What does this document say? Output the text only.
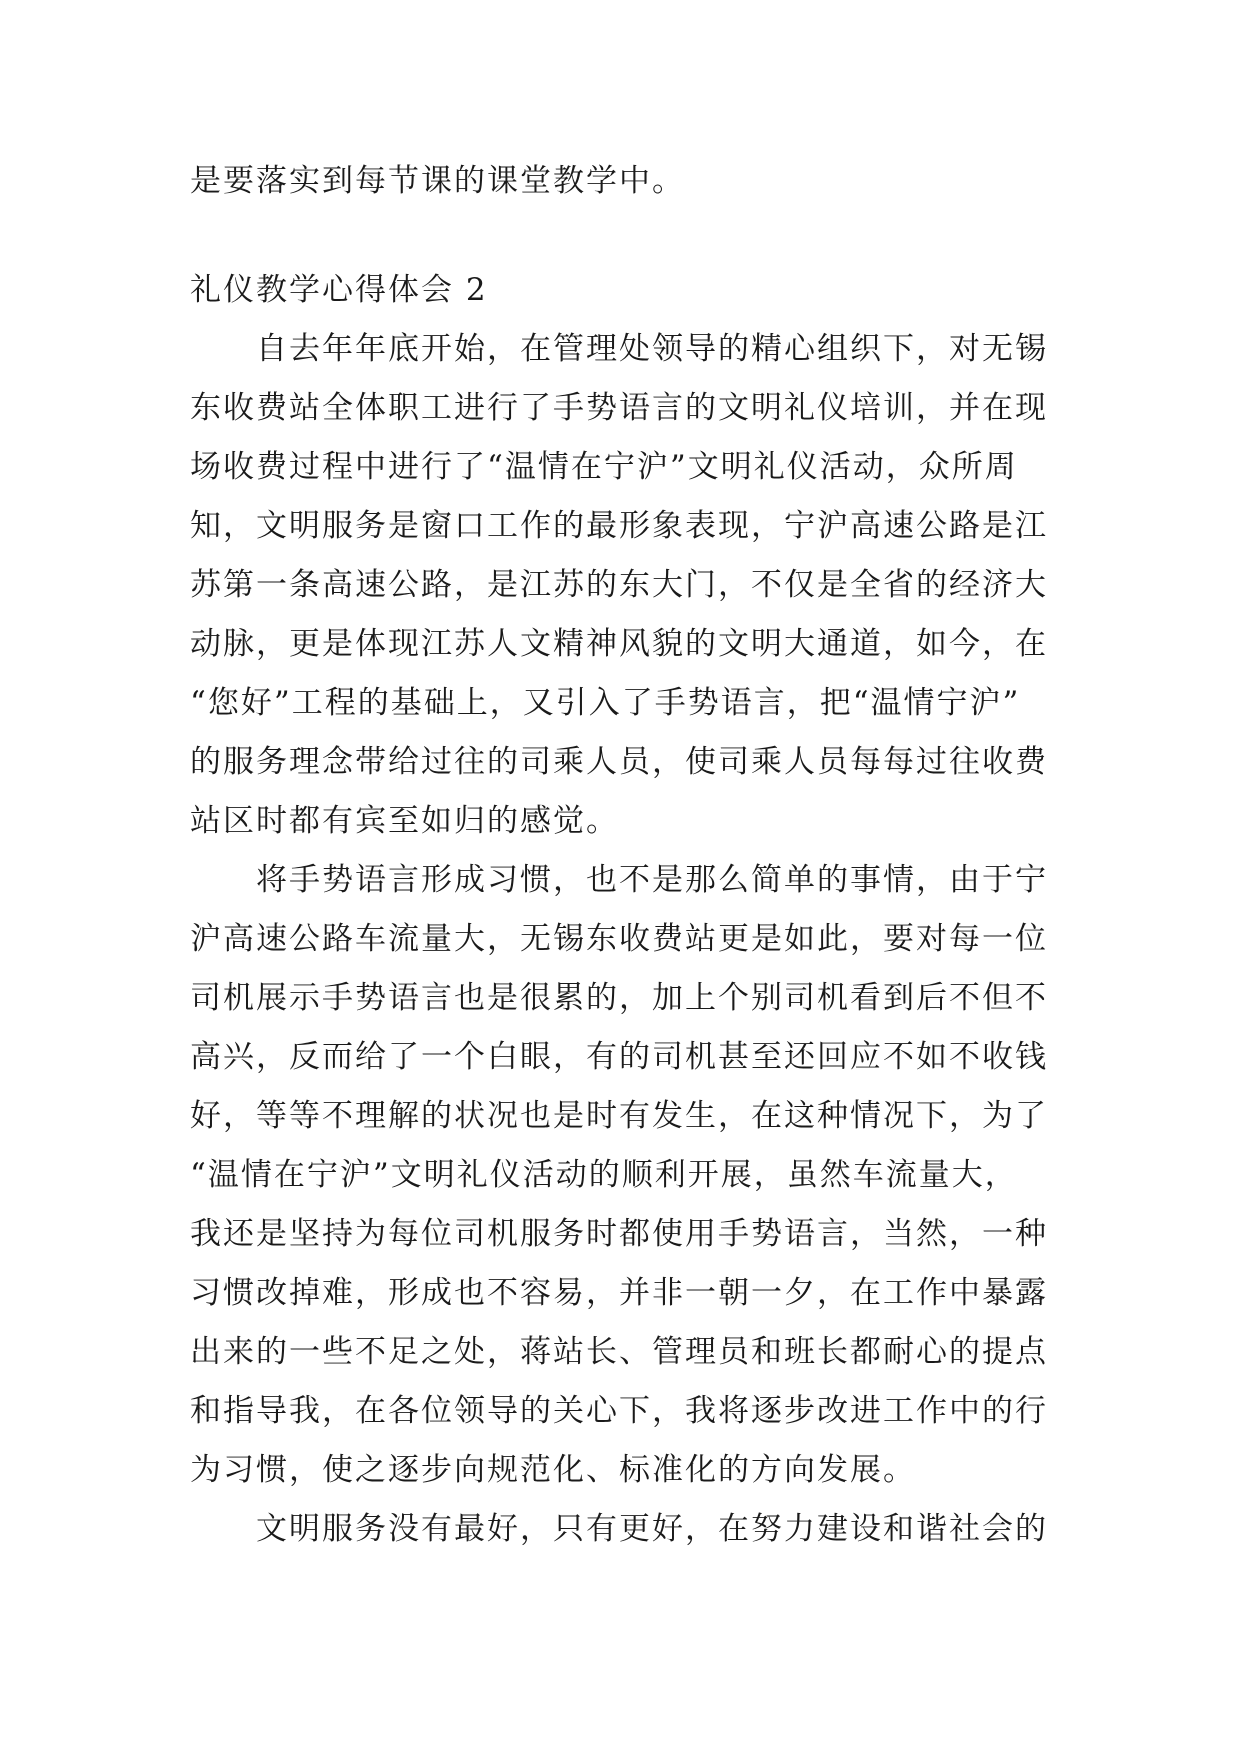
是要落实到每节课的课堂教学中。
礼仪教学心得体会 2
自去年年底开始，在管理处领导的精心组织下，对无锡
东收费站全体职工进行了手势语言的文明礼仪培训，并在现
场收费过程中进行了“温情在宁沪”文明礼仪活动，众所周
知，文明服务是窗口工作的最形象表现，宁沪高速公路是江
苏第一条高速公路，是江苏的东大门，不仅是全省的经济大
动脉，更是体现江苏人文精神风貌的文明大通道，如今，在
“您好”工程的基础上，又引入了手势语言，把“温情宁沪”
的服务理念带给过往的司乘人员，使司乘人员每每过往收费
站区时都有宾至如归的感觉。
将手势语言形成习惯，也不是那么简单的事情，由于宁
沪高速公路车流量大，无锡东收费站更是如此，要对每一位
司机展示手势语言也是很累的，加上个别司机看到后不但不
高兴，反而给了一个白眼，有的司机甚至还回应不如不收钱
好，等等不理解的状况也是时有发生，在这种情况下，为了
“温情在宁沪”文明礼仪活动的顺利开展，虽然车流量大，
我还是坚持为每位司机服务时都使用手势语言，当然，一种
习惯改掉难，形成也不容易，并非一朝一夕，在工作中暴露
出来的一些不足之处，蒋站长、管理员和班长都耐心的提点
和指导我，在各位领导的关心下，我将逐步改进工作中的行
为习惯，使之逐步向规范化、标准化的方向发展。
文明服务没有最好，只有更好，在努力建设和谐社会的
